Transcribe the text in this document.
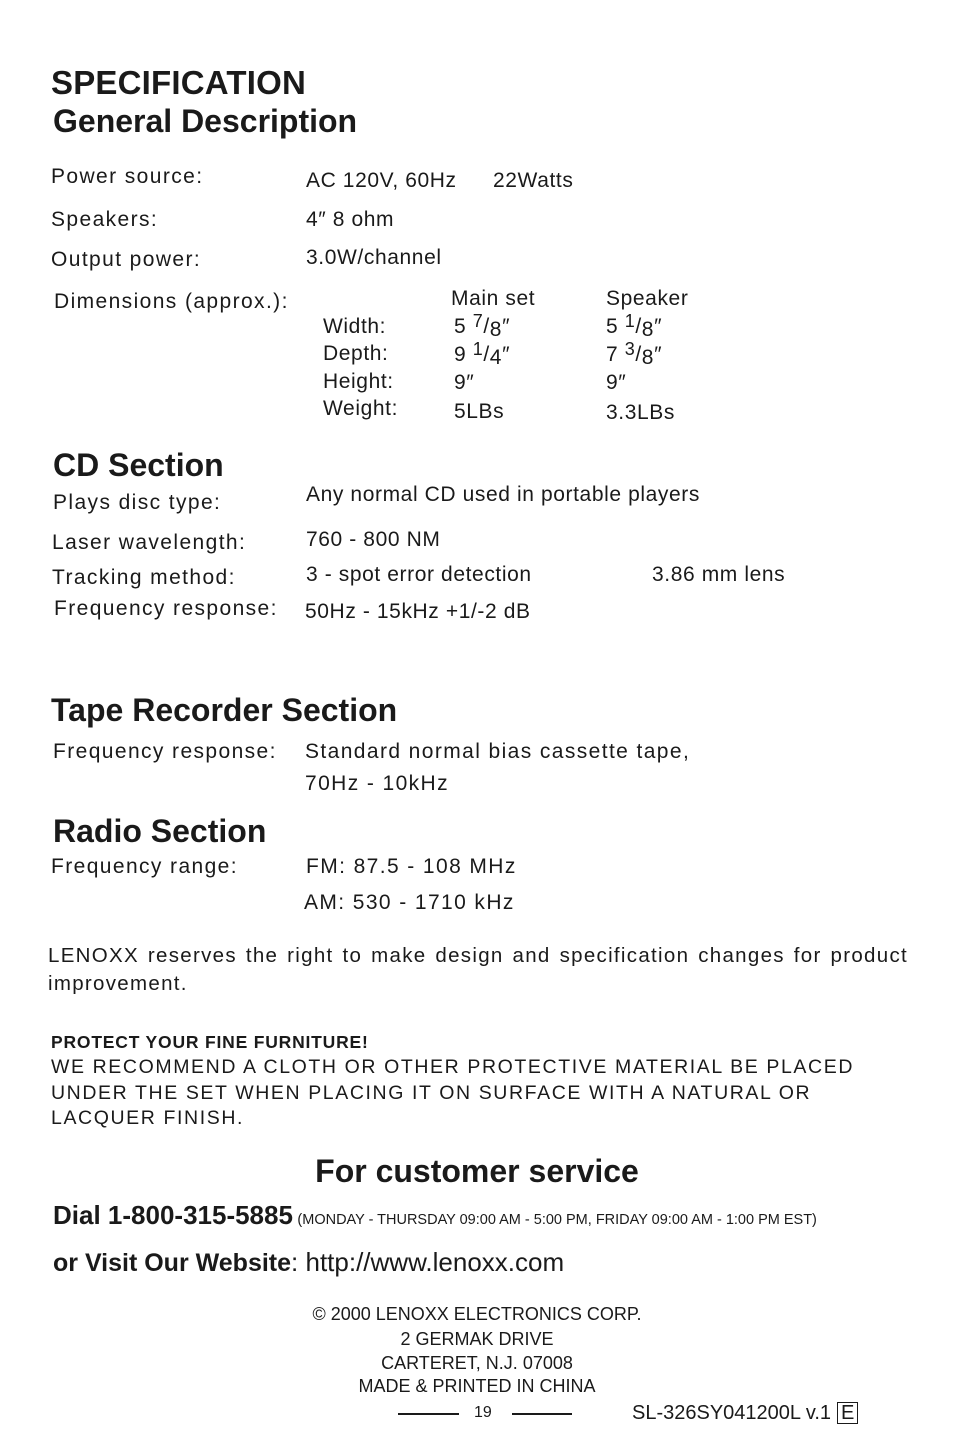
SPECIFICATION
General Description
Power source:	AC 120V, 60Hz 22Watts
Speakers:	4″ 8 ohm
Output power:	3.0W/channel
Dimensions (approx.):	Main set	Speaker
Width:	5 $^7/_8''$	5 $^1/_8''$
Depth:	9 $^1/_4''$	7 $^3/_8''$
Height:	9″	9″
Weight:	5LBs	3.3LBs
CD Section
Plays disc type:	Any normal CD used in portable players
Laser wavelength:	760 - 800 NM
Tracking method:	3 - spot error detection	3.86 mm lens
Frequency response: 50Hz - 15kHz +1/-2 dB
Tape Recorder Section
Frequency response: Standard normal bias cassette tape,
70Hz - 10kHz
Radio Section
Frequency range:	FM: 87.5 - 108 MHz
AM: 530 - 1710 kHz
LENOXX reserves the right to make design and specification changes for product improvement.
PROTECT YOUR FINE FURNITURE!
WE RECOMMEND A CLOTH OR OTHER PROTECTIVE MATERIAL BE PLACED
UNDER THE SET WHEN PLACING IT ON SURFACE WITH A NATURAL OR
LACQUER FINISH.
For customer service
Dial 1-800-315-5885 (MONDAY - THURSDAY 09:00 AM - 5:00 PM, FRIDAY 09:00 AM - 1:00 PM EST)
or Visit Our Website: http://www.lenoxx.com
© 2000 LENOXX ELECTRONICS CORP.
2 GERMAK DRIVE
CARTERET, N.J. 07008
MADE & PRINTED IN CHINA
19	SL-326SY041200L v.1 E
